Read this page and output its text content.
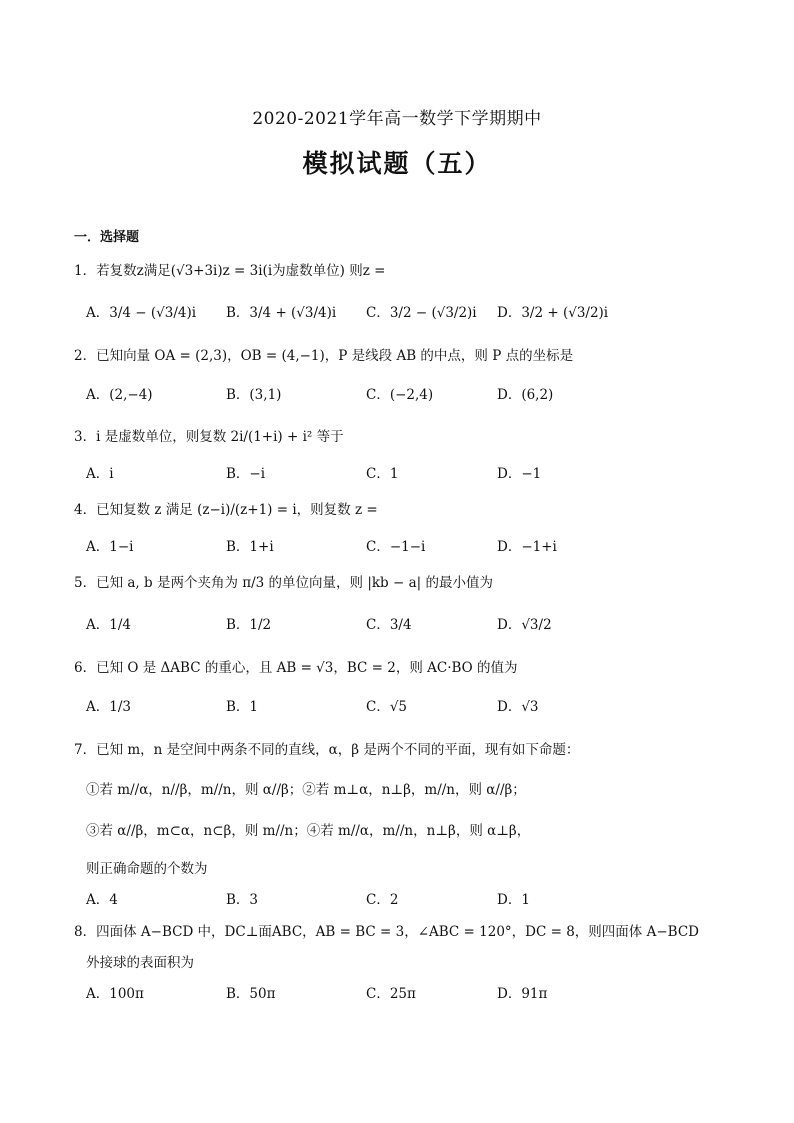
2020-2021学年高一数学下学期期中
模拟试题（五）
一．选择题
1．若复数z满足(√3+3i)z = 3i(i为虚数单位) 则z =
A．3/4 − (√3/4)i B．3/4 + (√3/4)i C．3/2 − (√3/2)i D．3/2 + (√3/2)i
2．已知向量 OA = (2,3)，OB = (4,−1)，P 是线段 AB 的中点，则 P 点的坐标是
A．(2,−4)	B．(3,1)	C．(−2,4)	D．(6,2)
3．i 是虚数单位，则复数 2i/(1+i) + i² 等于
A．i	B．−i	C．1	D．−1
4．已知复数 z 满足 (z−i)/(z+1) = i，则复数 z =
A．1−i	B．1+i	C．−1−i	D．−1+i
5．已知 a, b 是两个夹角为 π/3 的单位向量，则 |kb − a| 的最小值为
A．1/4	B．1/2	C．3/4	D．√3/2
6．已知 O 是 ΔABC 的重心，且 AB = √3，BC = 2，则 AC·BO 的值为
A．1/3	B．1	C．√5	D．√3
7．已知 m，n 是空间中两条不同的直线，α，β 是两个不同的平面，现有如下命题：
①若 m//α，n//β，m//n，则 α//β；②若 m⊥α，n⊥β，m//n，则 α//β；
③若 α//β，m⊂α，n⊂β，则 m//n；④若 m//α，m//n，n⊥β，则 α⊥β，
则正确命题的个数为
A．4	B．3	C．2	D．1
8．四面体 A−BCD 中，DC⊥面ABC，AB = BC = 3，∠ABC = 120°，DC = 8，则四面体 A−BCD
外接球的表面积为
A．100π	B．50π	C．25π	D．91π
